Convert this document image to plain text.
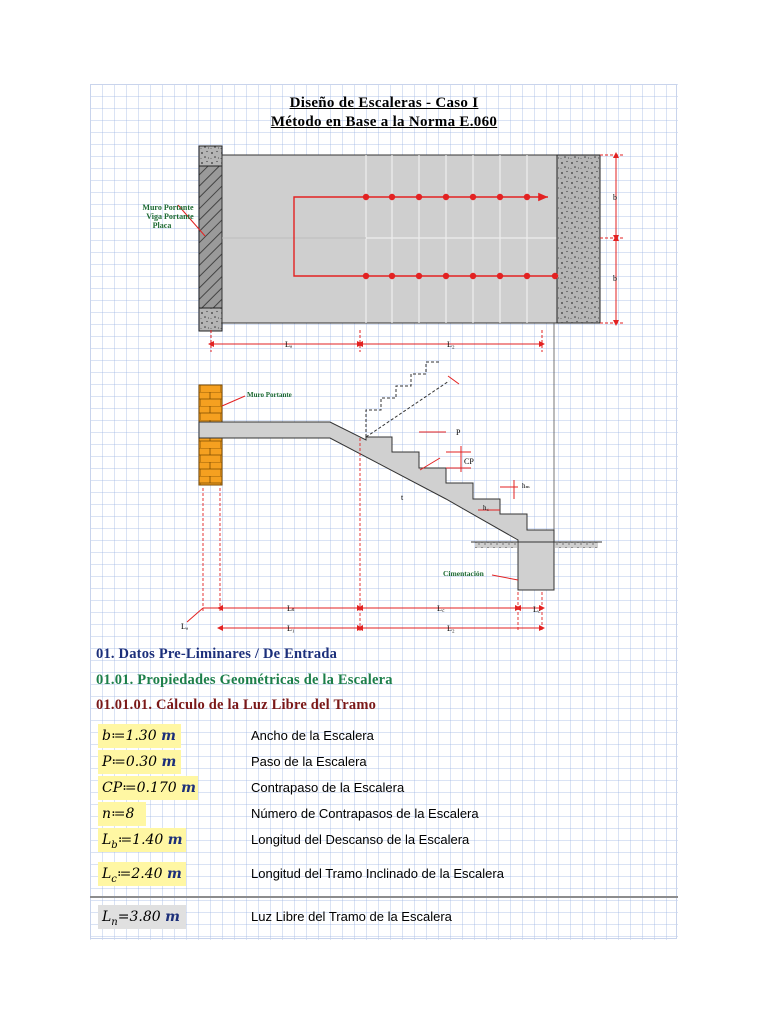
Diseño de Escaleras - Caso I
Método en Base a la Norma E.060
Muro Portante
Viga Portante
Placa
b
b
Lₐ	L₂
Muro Portante
Cimentación
P
CP
t
hₘ
h꜀
Lₐ
Lₛ	L꜀	L꜀
L₁	L₂
01. Datos Pre-Liminares / De Entrada
01.01. Propiedades Geométricas de la Escalera
01.01.01. Cálculo de la Luz Libre del Tramo
b≔1.30 m	Ancho de la Escalera
P≔0.30 m	Paso de la Escalera
CP≔0.170 m	Contrapaso de la Escalera
n≔8	Número de Contrapasos de la Escalera
$L_b≔1.40$ m	Longitud del Descanso de la Escalera
$L_c≔2.40$ m	Longitud del Tramo Inclinado de la Escalera
$L_n=3.80$ m	Luz Libre del Tramo de la Escalera
